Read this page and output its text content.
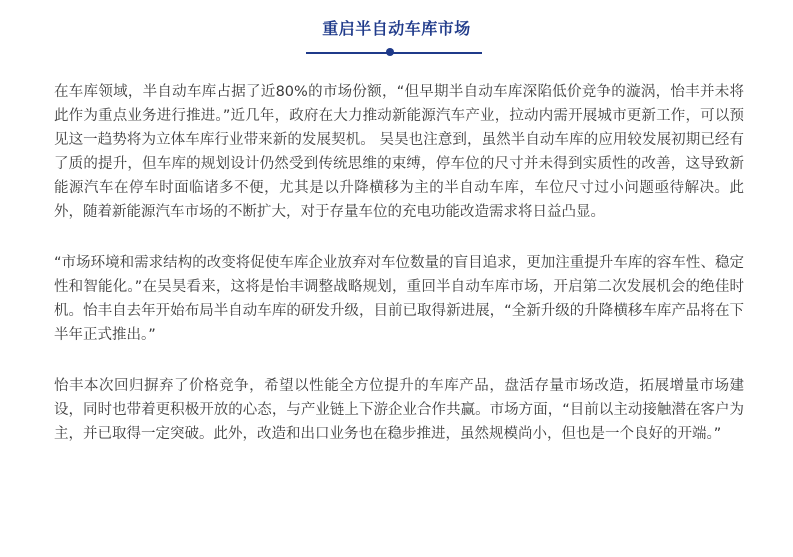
重启半自动车库市场

在车库领域，半自动车库占据了近80%的市场份额，“但早期半自动车库深陷低价竞争的漩涡，怡丰并未将此作为重点业务进行推进。”近几年，政府在大力推动新能源汽车产业，拉动内需开展城市更新工作，可以预见这一趋势将为立体车库行业带来新的发展契机。 吴昊也注意到，虽然半自动车库的应用较发展初期已经有了质的提升，但车库的规划设计仍然受到传统思维的束缚，停车位的尺寸并未得到实质性的改善，这导致新能源汽车在停车时面临诸多不便，尤其是以升降横移为主的半自动车库，车位尺寸过小问题亟待解决。此外，随着新能源汽车市场的不断扩大，对于存量车位的充电功能改造需求将日益凸显。

“市场环境和需求结构的改变将促使车库企业放弃对车位数量的盲目追求，更加注重提升车库的容车性、稳定性和智能化。”在吴昊看来，这将是怡丰调整战略规划，重回半自动车库市场，开启第二次发展机会的绝佳时机。怡丰自去年开始布局半自动车库的研发升级，目前已取得新进展，“全新升级的升降横移车库产品将在下半年正式推出。”

怡丰本次回归摒弃了价格竞争，希望以性能全方位提升的车库产品，盘活存量市场改造，拓展增量市场建设，同时也带着更积极开放的心态，与产业链上下游企业合作共赢。市场方面，“目前以主动接触潜在客户为主，并已取得一定突破。此外，改造和出口业务也在稳步推进，虽然规模尚小，但也是一个良好的开端。”
